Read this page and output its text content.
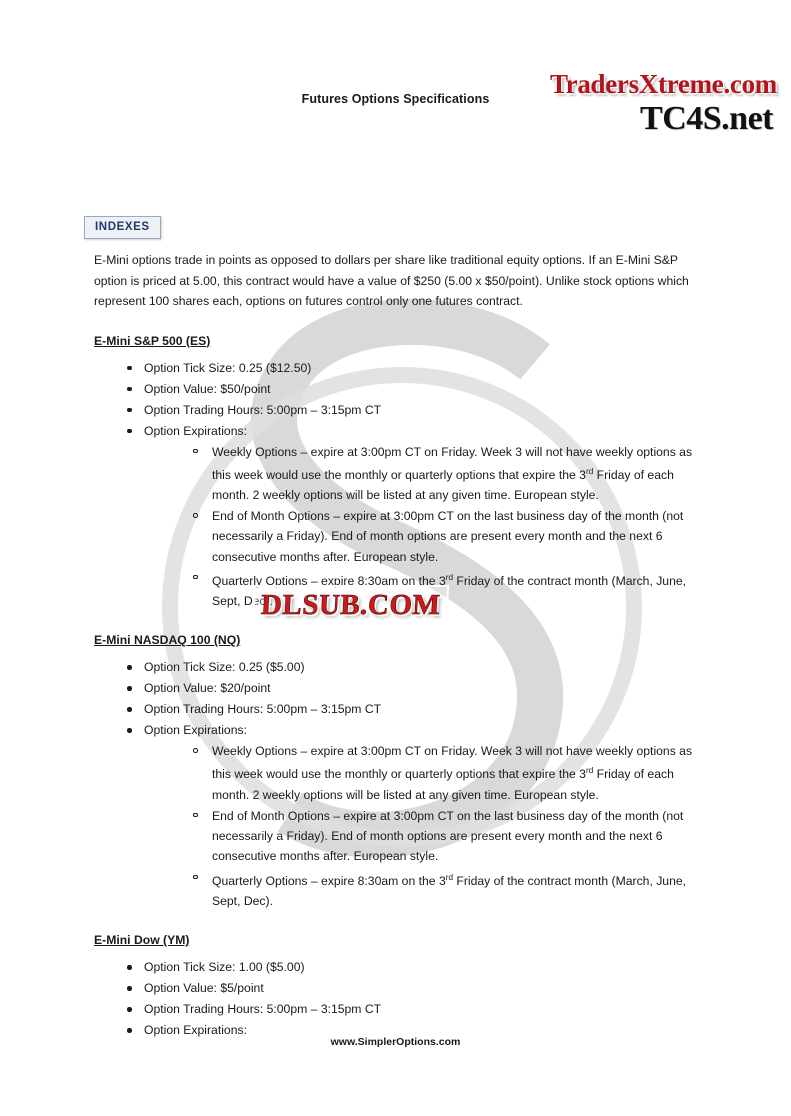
TC4S.net
Futures Options Specifications
INDEXES

E-Mini options trade in points as opposed to dollars per share like traditional equity options. If an E-Mini S&P option is priced at 5.00, this contract would have a value of $250 (5.00 x $50/point). Unlike stock options which represent 100 shares each, options on futures control only one futures contract.

E-Mini S&P 500 (ES)
Option Tick Size: 0.25 ($12.50)
Option Value: $50/point
Option Trading Hours: 5:00pm – 3:15pm CT
Option Expirations:
Weekly Options – expire at 3:00pm CT on Friday. Week 3 will not have weekly options as this week would use the monthly or quarterly options that expire the 3rd Friday of each month. 2 weekly options will be listed at any given time. European style.
End of Month Options – expire at 3:00pm CT on the last business day of the month (not necessarily a Friday). End of month options are present every month and the next 6 consecutive months after. European style.
Quarterly Options – expire 8:30am on the 3rd Friday of the contract month (March, June, Sept, Dec).
E-Mini NASDAQ 100 (NQ)
Option Tick Size: 0.25 ($5.00)
Option Value: $20/point
Option Trading Hours: 5:00pm – 3:15pm CT
Option Expirations:
Weekly Options – expire at 3:00pm CT on Friday. Week 3 will not have weekly options as this week would use the monthly or quarterly options that expire the 3rd Friday of each month. 2 weekly options will be listed at any given time. European style.
End of Month Options – expire at 3:00pm CT on the last business day of the month (not necessarily a Friday). End of month options are present every month and the next 6 consecutive months after. European style.
Quarterly Options – expire 8:30am on the 3rd Friday of the contract month (March, June, Sept, Dec).
E-Mini Dow (YM)
Option Tick Size: 1.00 ($5.00)
Option Value: $5/point
Option Trading Hours: 5:00pm – 3:15pm CT
Option Expirations:
DLSUB.COM
www.SimplerOptions.com
TradersXtreme.com
